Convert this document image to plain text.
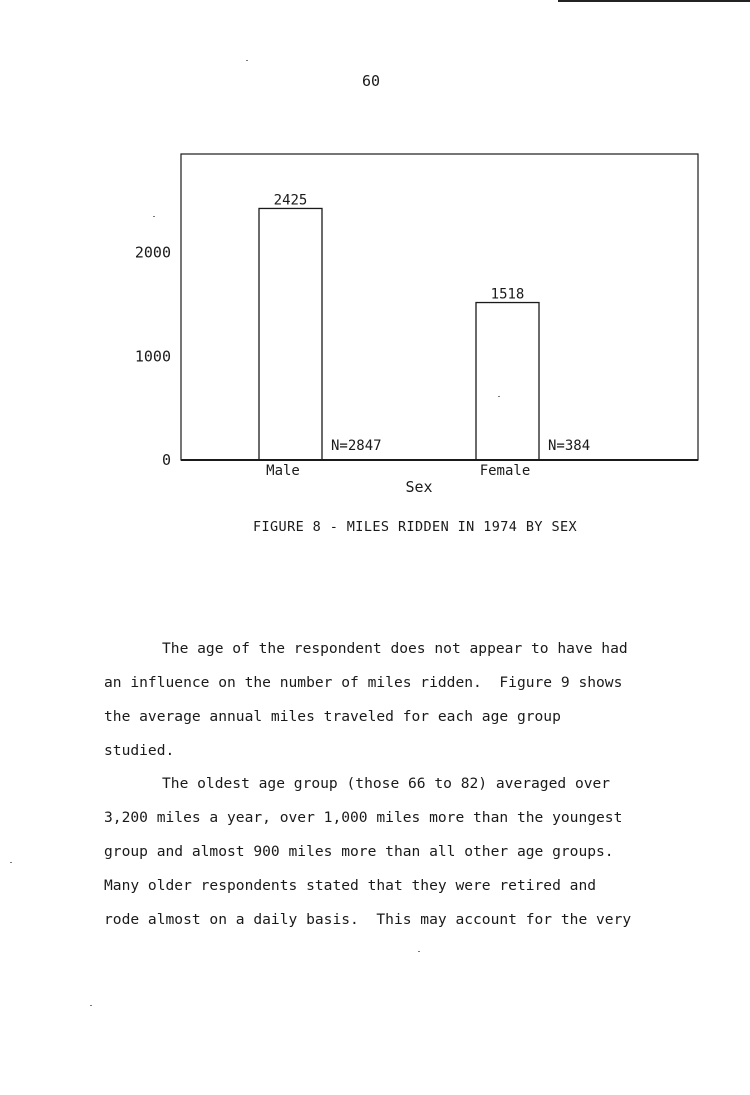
60
0
1000
2000
2425
N=2847
Male
1518
N=384
Female
Sex
FIGURE 8 - MILES RIDDEN IN 1974 BY SEX
The age of the respondent does not appear to have had
an influence on the number of miles ridden.  Figure 9 shows
the average annual miles traveled for each age group
studied.
The oldest age group (those 66 to 82) averaged over
3,200 miles a year, over 1,000 miles more than the youngest
group and almost 900 miles more than all other age groups.
Many older respondents stated that they were retired and
rode almost on a daily basis.  This may account for the very
